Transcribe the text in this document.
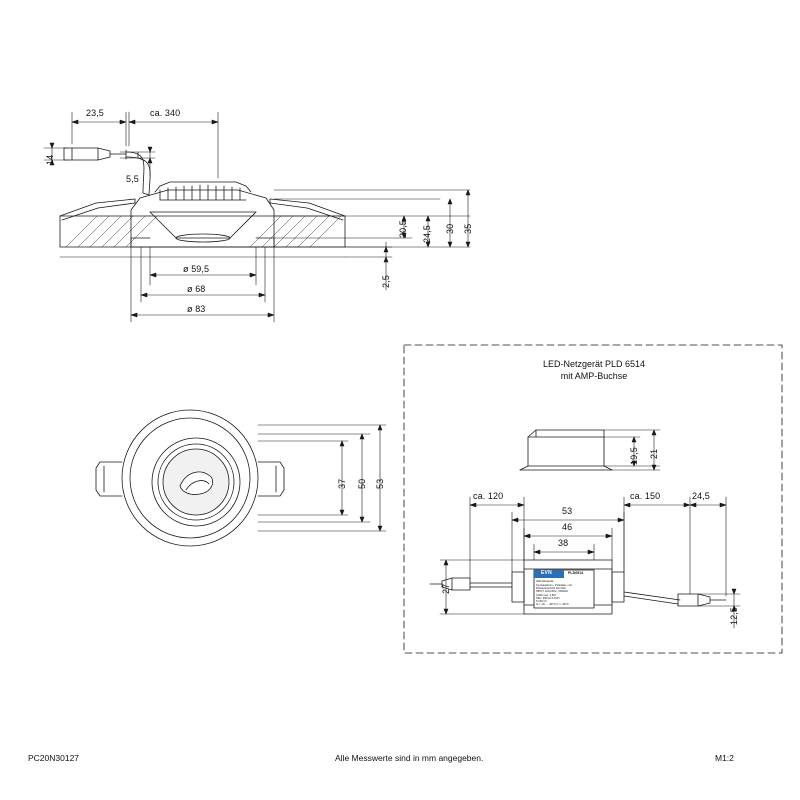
23,5	ca. 340
14
5,5
20,5 24,5 30 35
2,5
ø 59,5
ø 68
ø 83
37 50 53
LED-Netzgerät PLD 6514
mit AMP-Buchse
19,5 21
ca. 120	ca. 150	24,5
53
46
38
27
12,5
EVN	PLD6514
LED-Netzgerät
Konstantstrom-, Polaritäts- und
Phasenanschnitt dimmbar
INPUT: 220-240V~ 50/60Hz
0,06A max. 4,5W
SEC: 350mA 6-15V=
5 VDC III
ta = -20 ... +50°C tc = +60°C
PC20N30127	Alle Messwerte sind in mm angegeben.	M1:2
